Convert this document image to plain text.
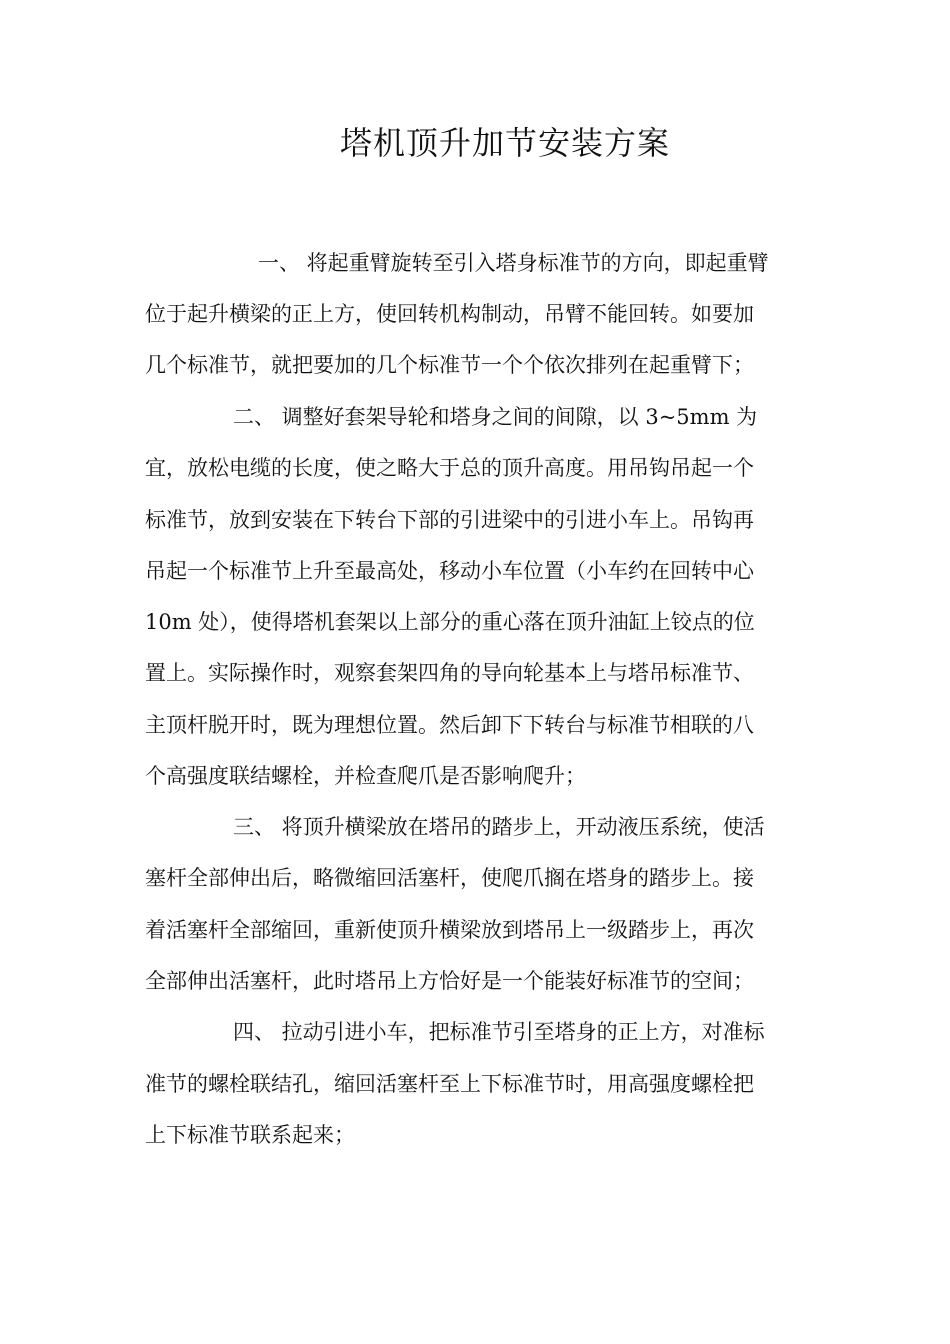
塔机顶升加节安装方案
一、 将起重臂旋转至引入塔身标准节的方向，即起重臂
位于起升横梁的正上方，使回转机构制动，吊臂不能回转。如要加
几个标准节，就把要加的几个标准节一个个依次排列在起重臂下；
二、 调整好套架导轮和塔身之间的间隙，以 3~5mm 为
宜，放松电缆的长度，使之略大于总的顶升高度。用吊钩吊起一个
标准节，放到安装在下转台下部的引进梁中的引进小车上。吊钩再
吊起一个标准节上升至最高处，移动小车位置（小车约在回转中心
10m 处），使得塔机套架以上部分的重心落在顶升油缸上铰点的位
置上。实际操作时，观察套架四角的导向轮基本上与塔吊标准节、
主顶杆脱开时，既为理想位置。然后卸下下转台与标准节相联的八
个高强度联结螺栓，并检查爬爪是否影响爬升；
三、 将顶升横梁放在塔吊的踏步上，开动液压系统，使活
塞杆全部伸出后，略微缩回活塞杆，使爬爪搁在塔身的踏步上。接
着活塞杆全部缩回，重新使顶升横梁放到塔吊上一级踏步上，再次
全部伸出活塞杆，此时塔吊上方恰好是一个能装好标准节的空间；
四、 拉动引进小车，把标准节引至塔身的正上方，对准标
准节的螺栓联结孔，缩回活塞杆至上下标准节时，用高强度螺栓把
上下标准节联系起来；
